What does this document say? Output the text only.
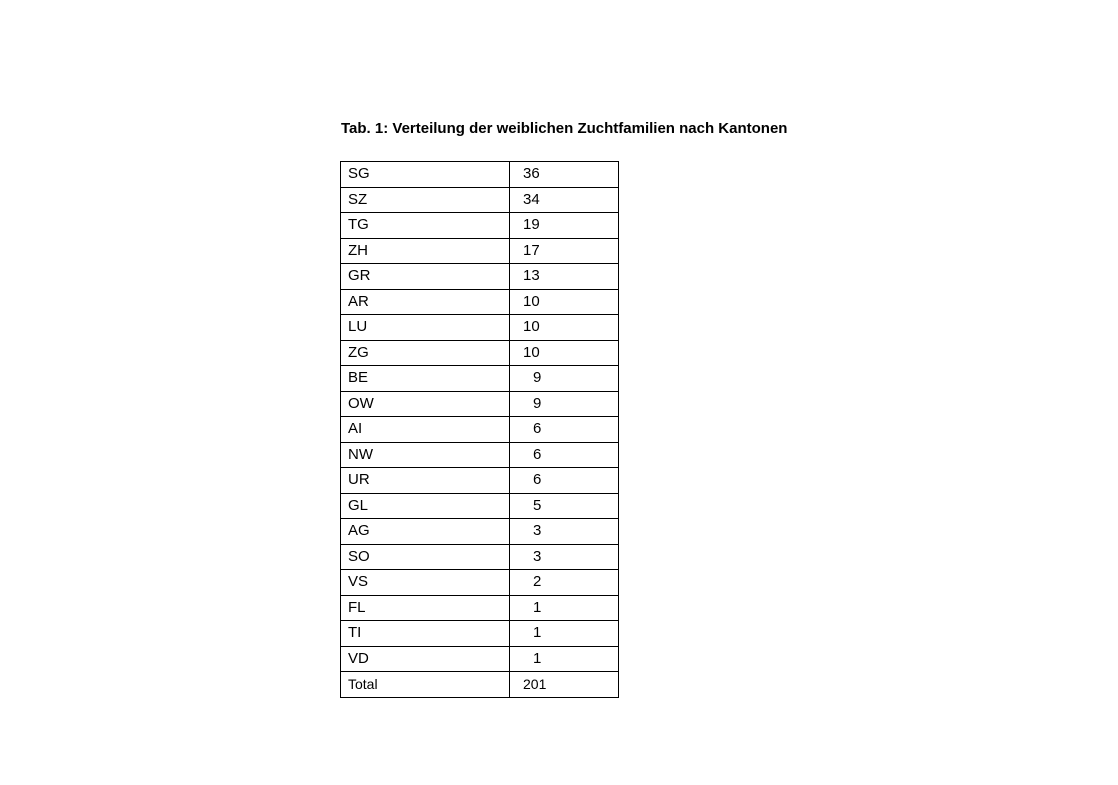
Tab. 1: Verteilung der weiblichen Zuchtfamilien nach Kantonen

SG	36
SZ	34
TG	19
ZH	17
GR	13
AR	10
LU	10
ZG	10
BE	9
OW	9
AI	6
NW	6
UR	6
GL	5
AG	3
SO	3
VS	2
FL	1
TI	1
VD	1
Total	201
